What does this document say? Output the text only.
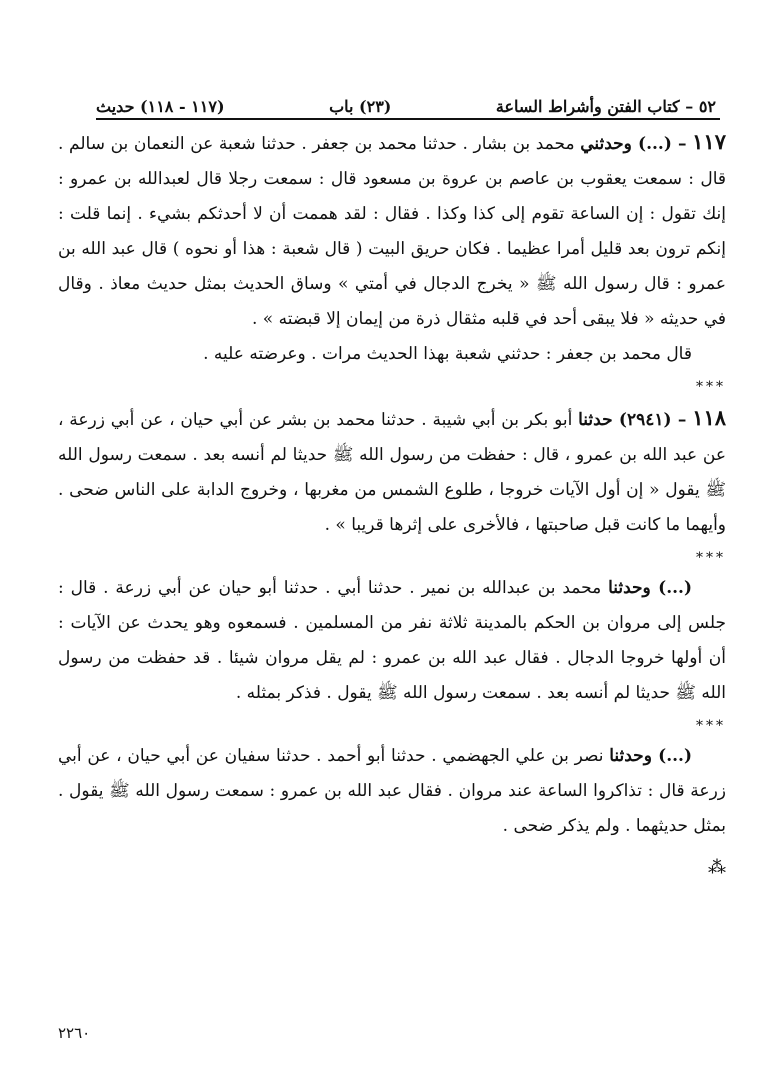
٥٢ – كتاب الفتن وأشراط الساعة
(٢٣) باب
(١١٧ - ١١٨) حديث

١١٧ – (...) وحدثني محمد بن بشار . حدثنا محمد بن جعفر . حدثنا شعبة عن النعمان بن سالم . قال : سمعت يعقوب بن عاصم بن عروة بن مسعود قال : سمعت رجلا قال لعبدالله بن عمرو : إنك تقول : إن الساعة تقوم إلى كذا وكذا . فقال : لقد هممت أن لا أحدثكم بشيء . إنما قلت : إنكم ترون بعد قليل أمرا عظيما . فكان حريق البيت ( قال شعبة : هذا أو نحوه ) قال عبد الله بن عمرو : قال رسول الله ﷺ « يخرج الدجال في أمتي » وساق الحديث بمثل حديث معاذ . وقال في حديثه « فلا يبقى أحد في قلبه مثقال ذرة من إيمان إلا قبضته » .

قال محمد بن جعفر : حدثني شعبة بهذا الحديث مرات . وعرضته عليه .

***

١١٨ – (٢٩٤١) حدثنا أبو بكر بن أبي شيبة . حدثنا محمد بن بشر عن أبي حيان ، عن أبي زرعة ، عن عبد الله بن عمرو ، قال : حفظت من رسول الله ﷺ حديثا لم أنسه بعد . سمعت رسول الله ﷺ يقول « إن أول الآيات خروجا ، طلوع الشمس من مغربها ، وخروج الدابة على الناس ضحى . وأيهما ما كانت قبل صاحبتها ، فالأخرى على إثرها قريبا » .

***

(...) وحدثنا محمد بن عبدالله بن نمير . حدثنا أبي . حدثنا أبو حيان عن أبي زرعة . قال : جلس إلى مروان بن الحكم بالمدينة ثلاثة نفر من المسلمين . فسمعوه وهو يحدث عن الآيات : أن أولها خروجا الدجال . فقال عبد الله بن عمرو : لم يقل مروان شيئا . قد حفظت من رسول الله ﷺ حديثا لم أنسه بعد . سمعت رسول الله ﷺ يقول . فذكر بمثله .

***

(...) وحدثنا نصر بن علي الجهضمي . حدثنا أبو أحمد . حدثنا سفيان عن أبي حيان ، عن أبي زرعة قال : تذاكروا الساعة عند مروان . فقال عبد الله بن عمرو : سمعت رسول الله ﷺ يقول . بمثل حديثهما . ولم يذكر ضحى .

⁂
٢٢٦٠
